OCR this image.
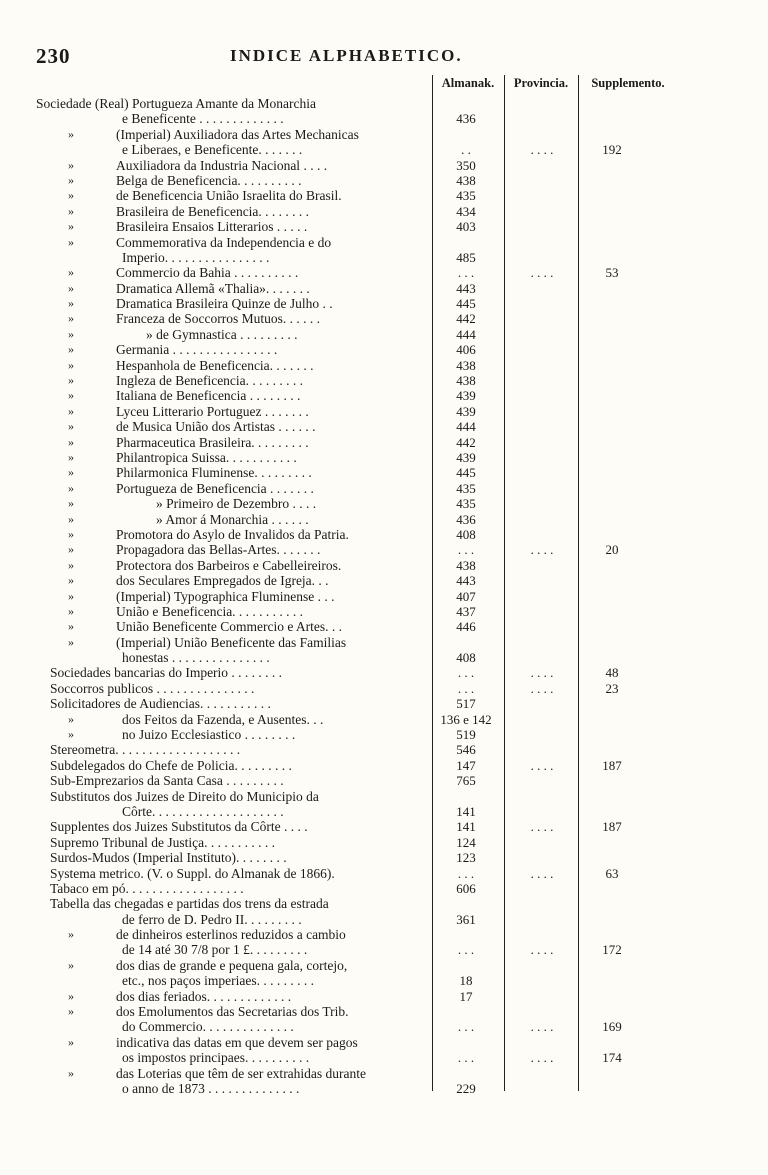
230	INDICE ALPHABETICO.
Almanak.	Provincia.	Supplemento.
Sociedade (Real) Portugueza Amante da Monarchia
e Beneficente . . . . . . . . . . . . .	436
»	(Imperial) Auxiliadora das Artes Mechanicas
e Liberaes, e Beneficente. . . . . . .	. .	. . . .	192
»	Auxiliadora da Industria Nacional . . . .	350
»	Belga de Beneficencia. . . . . . . . . .	438
»	de Beneficencia União Israelita do Brasil.	435
»	Brasileira de Beneficencia. . . . . . . .	434
»	Brasileira Ensaios Litterarios . . . . .	403
»	Commemorativa da Independencia e do
Imperio. . . . . . . . . . . . . . . .	485
»	Commercio da Bahia . . . . . . . . . .	. . .	. . . .	53
»	Dramatica Allemã «Thalia». . . . . . .	443
»	Dramatica Brasileira Quinze de Julho . .	445
»	Franceza de Soccorros Mutuos. . . . . .	442
»	» de Gymnastica . . . . . . . . .	444
»	Germania . . . . . . . . . . . . . . . .	406
»	Hespanhola de Beneficencia. . . . . . .	438
»	Ingleza de Beneficencia. . . . . . . . .	438
»	Italiana de Beneficencia . . . . . . . .	439
»	Lyceu Litterario Portuguez . . . . . . .	439
»	de Musica União dos Artistas . . . . . .	444
»	Pharmaceutica Brasileira. . . . . . . . .	442
»	Philantropica Suissa. . . . . . . . . . .	439
»	Philarmonica Fluminense. . . . . . . . .	445
»	Portugueza de Beneficencia . . . . . . .	435
»	» Primeiro de Dezembro . . . .	435
»	» Amor á Monarchia . . . . . .	436
»	Promotora do Asylo de Invalidos da Patria.	408
»	Propagadora das Bellas-Artes. . . . . . .	. . .	. . . .	20
»	Protectora dos Barbeiros e Cabelleireiros.	438
»	dos Seculares Empregados de Igreja. . .	443
»	(Imperial) Typographica Fluminense . . .	407
»	União e Beneficencia. . . . . . . . . . .	437
»	União Beneficente Commercio e Artes. . .	446
»	(Imperial) União Beneficente das Familias
honestas . . . . . . . . . . . . . . .	408
Sociedades bancarias do Imperio . . . . . . . .	. . .	. . . .	48
Soccorros publicos . . . . . . . . . . . . . . .	. . .	. . . .	23
Solicitadores de Audiencias. . . . . . . . . . .	517
»	dos Feitos da Fazenda, e Ausentes. . .	136 e 142
»	no Juizo Ecclesiastico . . . . . . . .	519
Stereometra. . . . . . . . . . . . . . . . . . .	546
Subdelegados do Chefe de Policia. . . . . . . . .	147	. . . .	187
Sub-Emprezarios da Santa Casa . . . . . . . . .	765
Substitutos dos Juizes de Direito do Municipio da
Côrte. . . . . . . . . . . . . . . . . . . .	141
Supplentes dos Juizes Substitutos da Côrte . . . .	141	. . . .	187
Supremo Tribunal de Justiça. . . . . . . . . . .	124
Surdos-Mudos (Imperial Instituto). . . . . . . .	123
Systema metrico. (V. o Suppl. do Almanak de 1866).	. . .	. . . .	63
Tabaco em pó. . . . . . . . . . . . . . . . . .	606
Tabella das chegadas e partidas dos trens da estrada
de ferro de D. Pedro II. . . . . . . . .	361
»	de dinheiros esterlinos reduzidos a cambio
de 14 até 30 7/8 por 1 £. . . . . . . . .	. . .	. . . .	172
»	dos dias de grande e pequena gala, cortejo,
etc., nos paços imperiaes. . . . . . . . .	18
»	dos dias feriados. . . . . . . . . . . . .	17
»	dos Emolumentos das Secretarias dos Trib.
do Commercio. . . . . . . . . . . . . .	. . .	. . . .	169
»	indicativa das datas em que devem ser pagos
os impostos principaes. . . . . . . . . .	. . .	. . . .	174
»	das Loterias que têm de ser extrahidas durante
o anno de 1873 . . . . . . . . . . . . . .	229
